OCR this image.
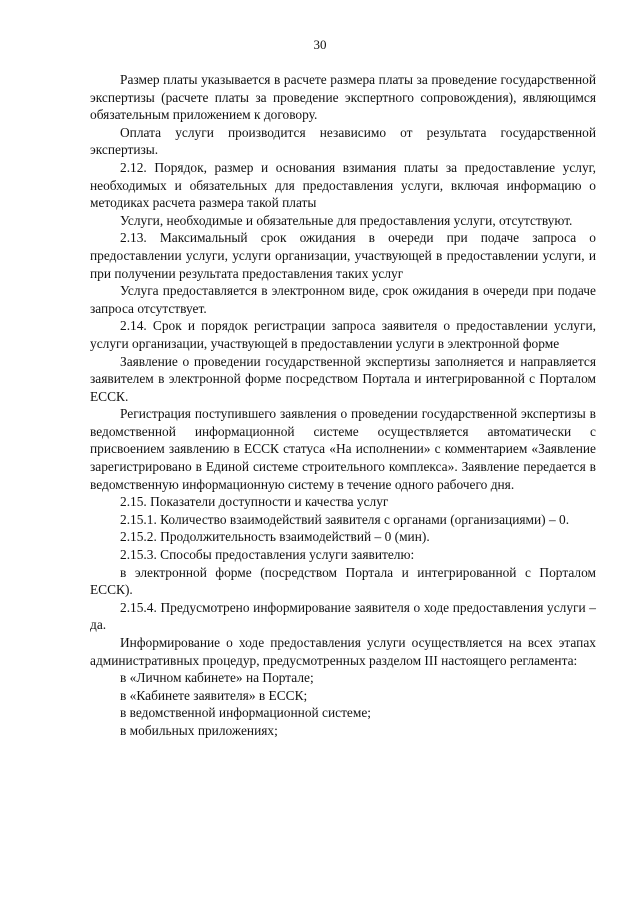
30

Размер платы указывается в расчете размера платы за проведение государственной экспертизы (расчете платы за проведение экспертного сопровождения), являющимся обязательным приложением к договору.

Оплата услуги производится независимо от результата государственной экспертизы.

2.12. Порядок, размер и основания взимания платы за предоставление услуг, необходимых и обязательных для предоставления услуги, включая информацию о методиках расчета размера такой платы

Услуги, необходимые и обязательные для предоставления услуги, отсутствуют.

2.13. Максимальный срок ожидания в очереди при подаче запроса о предоставлении услуги, услуги организации, участвующей в предоставлении услуги, и при получении результата предоставления таких услуг

Услуга предоставляется в электронном виде, срок ожидания в очереди при подаче запроса отсутствует.

2.14. Срок и порядок регистрации запроса заявителя о предоставлении услуги, услуги организации, участвующей в предоставлении услуги в электронной форме

Заявление о проведении государственной экспертизы заполняется и направляется заявителем в электронной форме посредством Портала и интегрированной с Порталом ЕССК.

Регистрация поступившего заявления о проведении государственной экспертизы в ведомственной информационной системе осуществляется автоматически с присвоением заявлению в ЕССК статуса «На исполнении» с комментарием «Заявление зарегистрировано в Единой системе строительного комплекса». Заявление передается в ведомственную информационную систему в течение одного рабочего дня.

2.15. Показатели доступности и качества услуг

2.15.1. Количество взаимодействий заявителя с органами (организациями) – 0.

2.15.2. Продолжительность взаимодействий – 0 (мин).

2.15.3. Способы предоставления услуги заявителю:

в электронной форме (посредством Портала и интегрированной с Порталом ЕССК).

2.15.4. Предусмотрено информирование заявителя о ходе предоставления услуги – да.

Информирование о ходе предоставления услуги осуществляется на всех этапах административных процедур, предусмотренных разделом III настоящего регламента:

в «Личном кабинете» на Портале;

в «Кабинете заявителя» в ЕССК;

в ведомственной информационной системе;

в мобильных приложениях;
